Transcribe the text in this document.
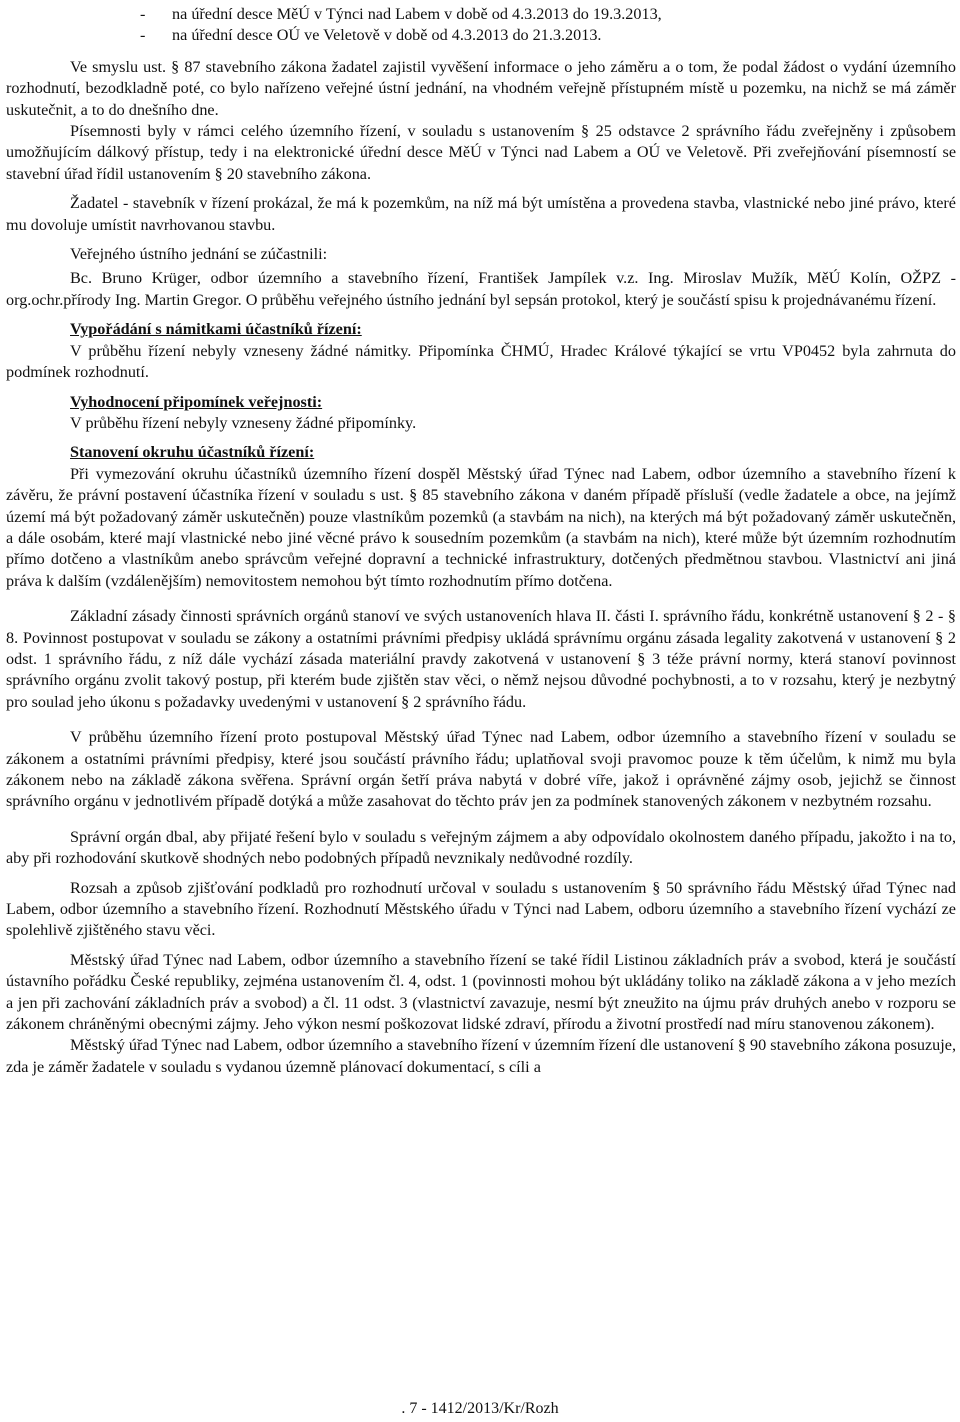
- na úřední desce MěÚ v Týnci nad Labem v době od 4.3.2013 do 19.3.2013,
- na úřední desce OÚ ve Veletově v době od 4.3.2013 do 21.3.2013.

Ve smyslu ust. § 87 stavebního zákona žadatel zajistil vyvěšení informace o jeho záměru a o tom, že podal žádost o vydání územního rozhodnutí, bezodkladně poté, co bylo nařízeno veřejné ústní jednání, na vhodném veřejně přístupném místě u pozemku, na nichž se má záměr uskutečnit, a to do dnešního dne.

Písemnosti byly v rámci celého územního řízení, v souladu s ustanovením § 25 odstavce 2 správního řádu zveřejněny i způsobem umožňujícím dálkový přístup, tedy i na elektronické úřední desce MěÚ v Týnci nad Labem a OÚ ve Veletově. Při zveřejňování písemností se stavební úřad řídil ustanovením § 20 stavebního zákona.

Žadatel - stavebník v řízení prokázal, že má k pozemkům, na níž má být umístěna a provedena stavba, vlastnické nebo jiné právo, které mu dovoluje umístit navrhovanou stavbu.

Veřejného ústního jednání se zúčastnili:

Bc. Bruno Krüger, odbor územního a stavebního řízení, František Jampílek v.z. Ing. Miroslav Mužík, MěÚ Kolín, OŽPZ - org.ochr.přírody Ing. Martin Gregor. O průběhu veřejného ústního jednání byl sepsán protokol, který je součástí spisu k projednávanému řízení.

Vypořádání s námitkami účastníků řízení:

V průběhu řízení nebyly vzneseny žádné námitky. Připomínka ČHMÚ, Hradec Králové týkající se vrtu VP0452 byla zahrnuta do podmínek rozhodnutí.

Vyhodnocení připomínek veřejnosti:

V průběhu řízení nebyly vzneseny žádné připomínky.

Stanovení okruhu účastníků řízení:

Při vymezování okruhu účastníků územního řízení dospěl Městský úřad Týnec nad Labem, odbor územního a stavebního řízení k závěru, že právní postavení účastníka řízení v souladu s ust. § 85 stavebního zákona v daném případě přísluší (vedle žadatele a obce, na jejímž území má být požadovaný záměr uskutečněn) pouze vlastníkům pozemků (a stavbám na nich), na kterých má být požadovaný záměr uskutečněn, a dále osobám, které mají vlastnické nebo jiné věcné právo k sousedním pozemkům (a stavbám na nich), které může být územním rozhodnutím přímo dotčeno a vlastníkům anebo správcům veřejné dopravní a technické infrastruktury, dotčených předmětnou stavbou. Vlastnictví ani jiná práva k dalším (vzdálenějším) nemovitostem nemohou být tímto rozhodnutím přímo dotčena.

Základní zásady činnosti správních orgánů stanoví ve svých ustanoveních hlava II. části I. správního řádu, konkrétně ustanovení § 2 - § 8. Povinnost postupovat v souladu se zákony a ostatními právními předpisy ukládá správnímu orgánu zásada legality zakotvená v ustanovení § 2 odst. 1 správního řádu, z níž dále vychází zásada materiální pravdy zakotvená v ustanovení § 3 téže právní normy, která stanoví povinnost správního orgánu zvolit takový postup, při kterém bude zjištěn stav věci, o němž nejsou důvodné pochybnosti, a to v rozsahu, který je nezbytný pro soulad jeho úkonu s požadavky uvedenými v ustanovení § 2 správního řádu.

V průběhu územního řízení proto postupoval Městský úřad Týnec nad Labem, odbor územního a stavebního řízení v souladu se zákonem a ostatními právními předpisy, které jsou součástí právního řádu; uplatňoval svoji pravomoc pouze k těm účelům, k nimž mu byla zákonem nebo na základě zákona svěřena. Správní orgán šetří práva nabytá v dobré víře, jakož i oprávněné zájmy osob, jejichž se činnost správního orgánu v jednotlivém případě dotýká a může zasahovat do těchto práv jen za podmínek stanovených zákonem v nezbytném rozsahu.

Správní orgán dbal, aby přijaté řešení bylo v souladu s veřejným zájmem a aby odpovídalo okolnostem daného případu, jakožto i na to, aby při rozhodování skutkově shodných nebo podobných případů nevznikaly nedůvodné rozdíly.

Rozsah a způsob zjišťování podkladů pro rozhodnutí určoval v souladu s ustanovením § 50 správního řádu Městský úřad Týnec nad Labem, odbor územního a stavebního řízení. Rozhodnutí Městského úřadu v Týnci nad Labem, odboru územního a stavebního řízení vychází ze spolehlivě zjištěného stavu věci.

Městský úřad Týnec nad Labem, odbor územního a stavebního řízení se také řídil Listinou základních práv a svobod, která je součástí ústavního pořádku České republiky, zejména ustanovením čl. 4, odst. 1 (povinnosti mohou být ukládány toliko na základě zákona a v jeho mezích a jen při zachování základních práv a svobod) a čl. 11 odst. 3 (vlastnictví zavazuje, nesmí být zneužito na újmu práv druhých anebo v rozporu se zákonem chráněnými obecnými zájmy. Jeho výkon nesmí poškozovat lidské zdraví, přírodu a životní prostředí nad míru stanovenou zákonem).

Městský úřad Týnec nad Labem, odbor územního a stavebního řízení v územním řízení dle ustanovení § 90 stavebního zákona posuzuje, zda je záměr žadatele v souladu s vydanou územně plánovací dokumentací, s cíli a

. 7 - 1412/2013/Kr/Rozh
